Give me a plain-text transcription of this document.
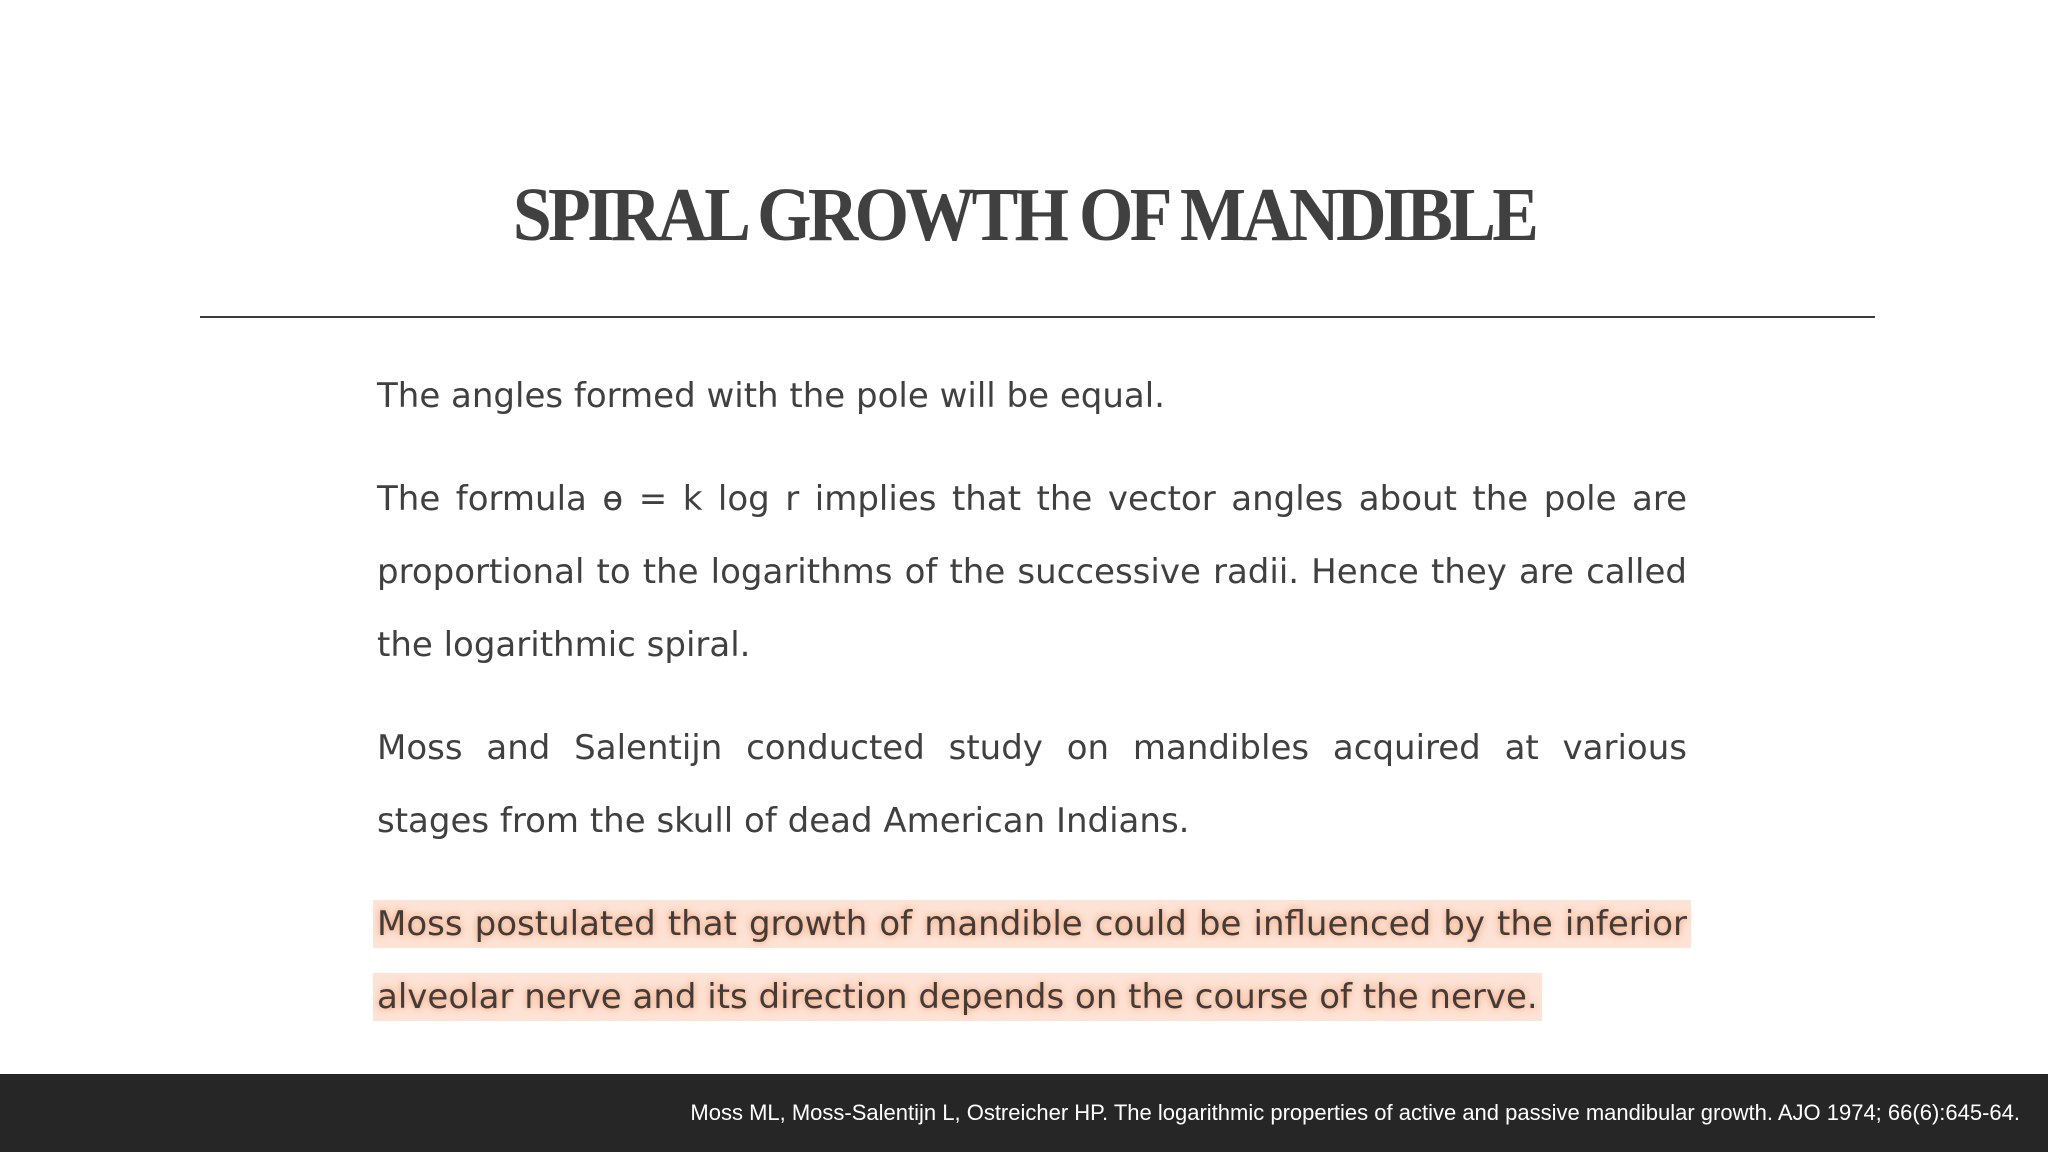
SPIRAL GROWTH OF MANDIBLE

The angles formed with the pole will be equal.

The formula ɵ = k log r implies that the vector angles about the pole are proportional to the logarithms of the successive radii. Hence they are called the logarithmic spiral.

Moss and Salentijn conducted study on mandibles acquired at various stages from the skull of dead American Indians.

Moss postulated that growth of mandible could be influenced by the inferior alveolar nerve and its direction depends on the course of the nerve.

Moss ML, Moss-Salentijn L, Ostreicher HP. The logarithmic properties of active and passive mandibular growth. AJO 1974; 66(6):645-64.
